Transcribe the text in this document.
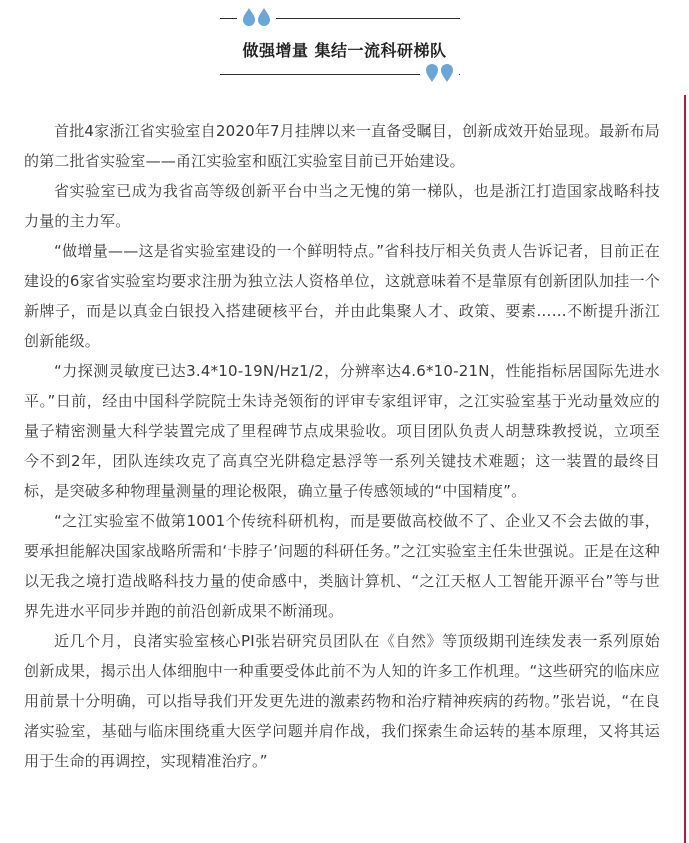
做强增量 集结一流科研梯队

首批4家浙江省实验室自2020年7月挂牌以来一直备受瞩目，创新成效开始显现。最新布局的第二批省实验室——甬江实验室和瓯江实验室目前已开始建设。

省实验室已成为我省高等级创新平台中当之无愧的第一梯队，也是浙江打造国家战略科技力量的主力军。

“做增量——这是省实验室建设的一个鲜明特点。”省科技厅相关负责人告诉记者，目前正在建设的6家省实验室均要求注册为独立法人资格单位，这就意味着不是靠原有创新团队加挂一个新牌子，而是以真金白银投入搭建硬核平台，并由此集聚人才、政策、要素……不断提升浙江创新能级。

“力探测灵敏度已达3.4*10-19N/Hz1/2，分辨率达4.6*10-21N，性能指标居国际先进水平。”日前，经由中国科学院院士朱诗尧领衔的评审专家组评审，之江实验室基于光动量效应的量子精密测量大科学装置完成了里程碑节点成果验收。项目团队负责人胡慧珠教授说，立项至今不到2年，团队连续攻克了高真空光阱稳定悬浮等一系列关键技术难题；这一装置的最终目标，是突破多种物理量测量的理论极限，确立量子传感领域的“中国精度”。

“之江实验室不做第1001个传统科研机构，而是要做高校做不了、企业又不会去做的事，要承担能解决国家战略所需和‘卡脖子’问题的科研任务。”之江实验室主任朱世强说。正是在这种以无我之境打造战略科技力量的使命感中，类脑计算机、“之江天枢人工智能开源平台”等与世界先进水平同步并跑的前沿创新成果不断涌现。

近几个月，良渚实验室核心PI张岩研究员团队在《自然》等顶级期刊连续发表一系列原始创新成果，揭示出人体细胞中一种重要受体此前不为人知的许多工作机理。“这些研究的临床应用前景十分明确，可以指导我们开发更先进的激素药物和治疗精神疾病的药物。”张岩说，“在良渚实验室，基础与临床围绕重大医学问题并肩作战，我们探索生命运转的基本原理，又将其运用于生命的再调控，实现精准治疗。”
